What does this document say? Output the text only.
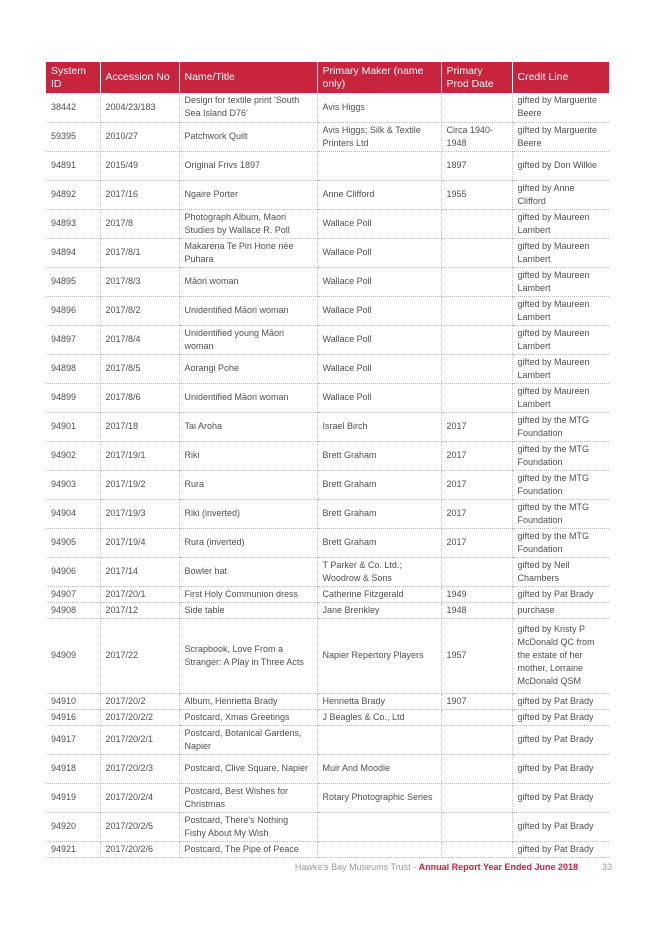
System ID	Accession No	Name/Title	Primary Maker (name only)	Primary Prod Date	Credit Line
38442	2004/23/183	Design for textile print 'South Sea Island D76'	Avis Higgs		gifted by Marguerite Beere
59395	2010/27	Patchwork Quilt	Avis Higgs; Silk & Textile Printers Ltd	Circa 1940-1948	gifted by Marguerite Beere
94891	2015/49	Original Frivs 1897		1897	gifted by Don Wilkie
94892	2017/16	Ngaire Porter	Anne Clifford	1955	gifted by Anne Clifford
94893	2017/8	Photograph Album, Maori Studies by Wallace R. Poll	Wallace Poll		gifted by Maureen Lambert
94894	2017/8/1	Makarena Te Piri Hone née Puhara	Wallace Poll		gifted by Maureen Lambert
94895	2017/8/3	Māori woman	Wallace Poll		gifted by Maureen Lambert
94896	2017/8/2	Unidentified Māori woman	Wallace Poll		gifted by Maureen Lambert
94897	2017/8/4	Unidentified young Māori woman	Wallace Poll		gifted by Maureen Lambert
94898	2017/8/5	Aorangi Pohe	Wallace Poll		gifted by Maureen Lambert
94899	2017/8/6	Unidentified Māori woman	Wallace Poll		gifted by Maureen Lambert
94901	2017/18	Tai Aroha	Israel Birch	2017	gifted by the MTG Foundation
94902	2017/19/1	Riki	Brett Graham	2017	gifted by the MTG Foundation
94903	2017/19/2	Rura	Brett Graham	2017	gifted by the MTG Foundation
94904	2017/19/3	Riki (inverted)	Brett Graham	2017	gifted by the MTG Foundation
94905	2017/19/4	Rura (inverted)	Brett Graham	2017	gifted by the MTG Foundation
94906	2017/14	Bowler hat	T Parker & Co. Ltd.; Woodrow & Sons		gifted by Neil Chambers
94907	2017/20/1	First Holy Communion dress	Catherine Fitzgerald	1949	gifted by Pat Brady
94908	2017/12	Side table	Jane Brenkley	1948	purchase
94909	2017/22	Scrapbook, Love From a Stranger: A Play in Three Acts	Napier Repertory Players	1957	gifted by Kristy P McDonald QC from the estate of her mother, Lorraine McDonald QSM
94910	2017/20/2	Album, Henrietta Brady	Henrietta Brady	1907	gifted by Pat Brady
94916	2017/20/2/2	Postcard, Xmas Greetings	J Beagles & Co., Ltd		gifted by Pat Brady
94917	2017/20/2/1	Postcard, Botanical Gardens, Napier			gifted by Pat Brady
94918	2017/20/2/3	Postcard, Clive Square, Napier	Muir And Moodie		gifted by Pat Brady
94919	2017/20/2/4	Postcard, Best Wishes for Christmas	Rotary Photographic Series		gifted by Pat Brady
94920	2017/20/2/5	Postcard, There's Nothing Fishy About My Wish			gifted by Pat Brady
94921	2017/20/2/6	Postcard, The Pipe of Peace			gifted by Pat Brady
Hawke's Bay Museums Trust - Annual Report Year Ended June 2018	33
